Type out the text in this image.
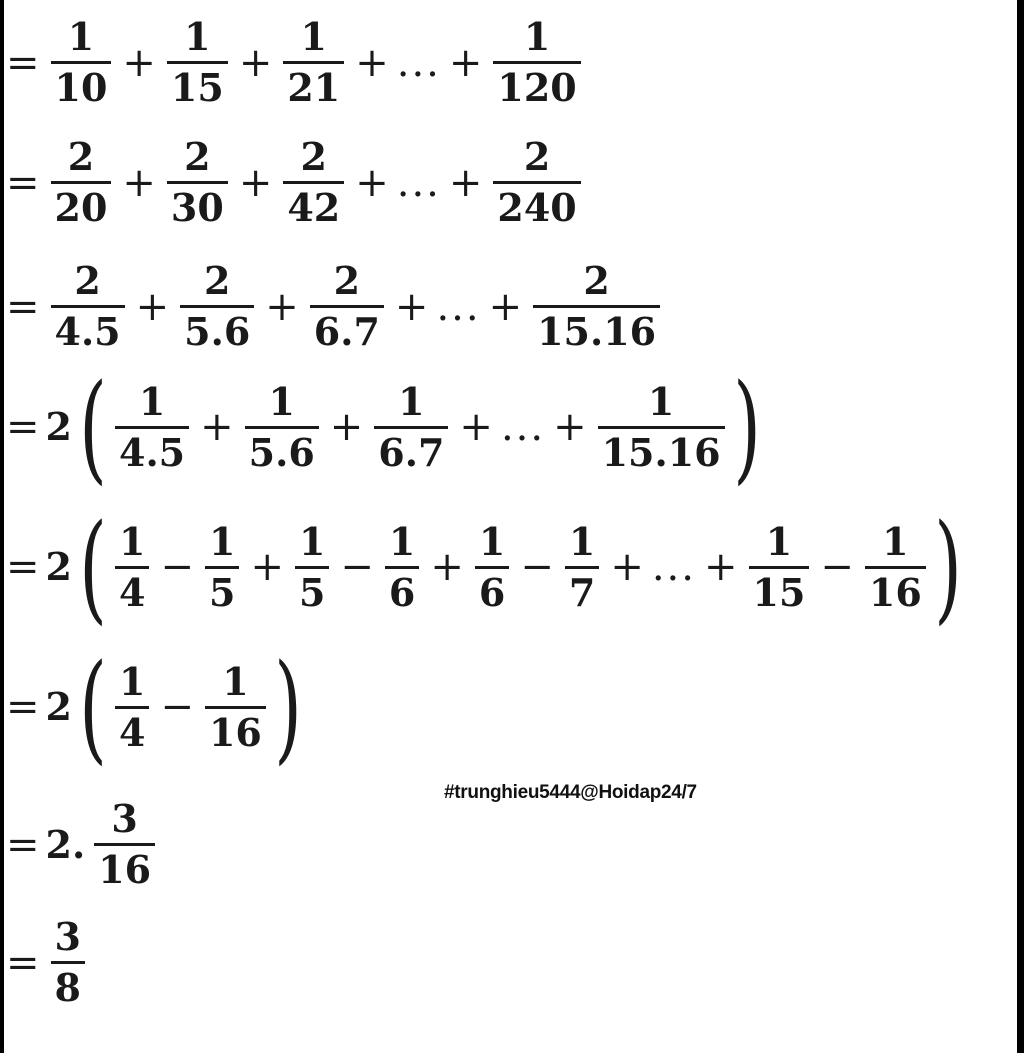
= $\frac{1}{10} + \frac{1}{15} + \frac{1}{21}$ + ... + $\frac{1}{120}$
= $\frac{2}{20} + \frac{2}{30} + \frac{2}{42}$ + ... + $\frac{2}{240}$
= $\frac{2}{4.5} + \frac{2}{5.6} + \frac{2}{6.7}$ + ... + $\frac{2}{15.16}$
= 2 ( $\frac{1}{4.5} + \frac{1}{5.6} + \frac{1}{6.7}$ + ... + $\frac{1}{15.16}$ )
= 2 ( $\frac{1}{4} - \frac{1}{5} + \frac{1}{5} - \frac{1}{6} + \frac{1}{6} - \frac{1}{7}$ + ... + $\frac{1}{15} - \frac{1}{16}$ )
= 2 ( $\frac{1}{4} - \frac{1}{16}$ )
= 2. $\frac{3}{16}$
= $\frac{3}{8}$
#trunghieu5444@Hoidap24/7
